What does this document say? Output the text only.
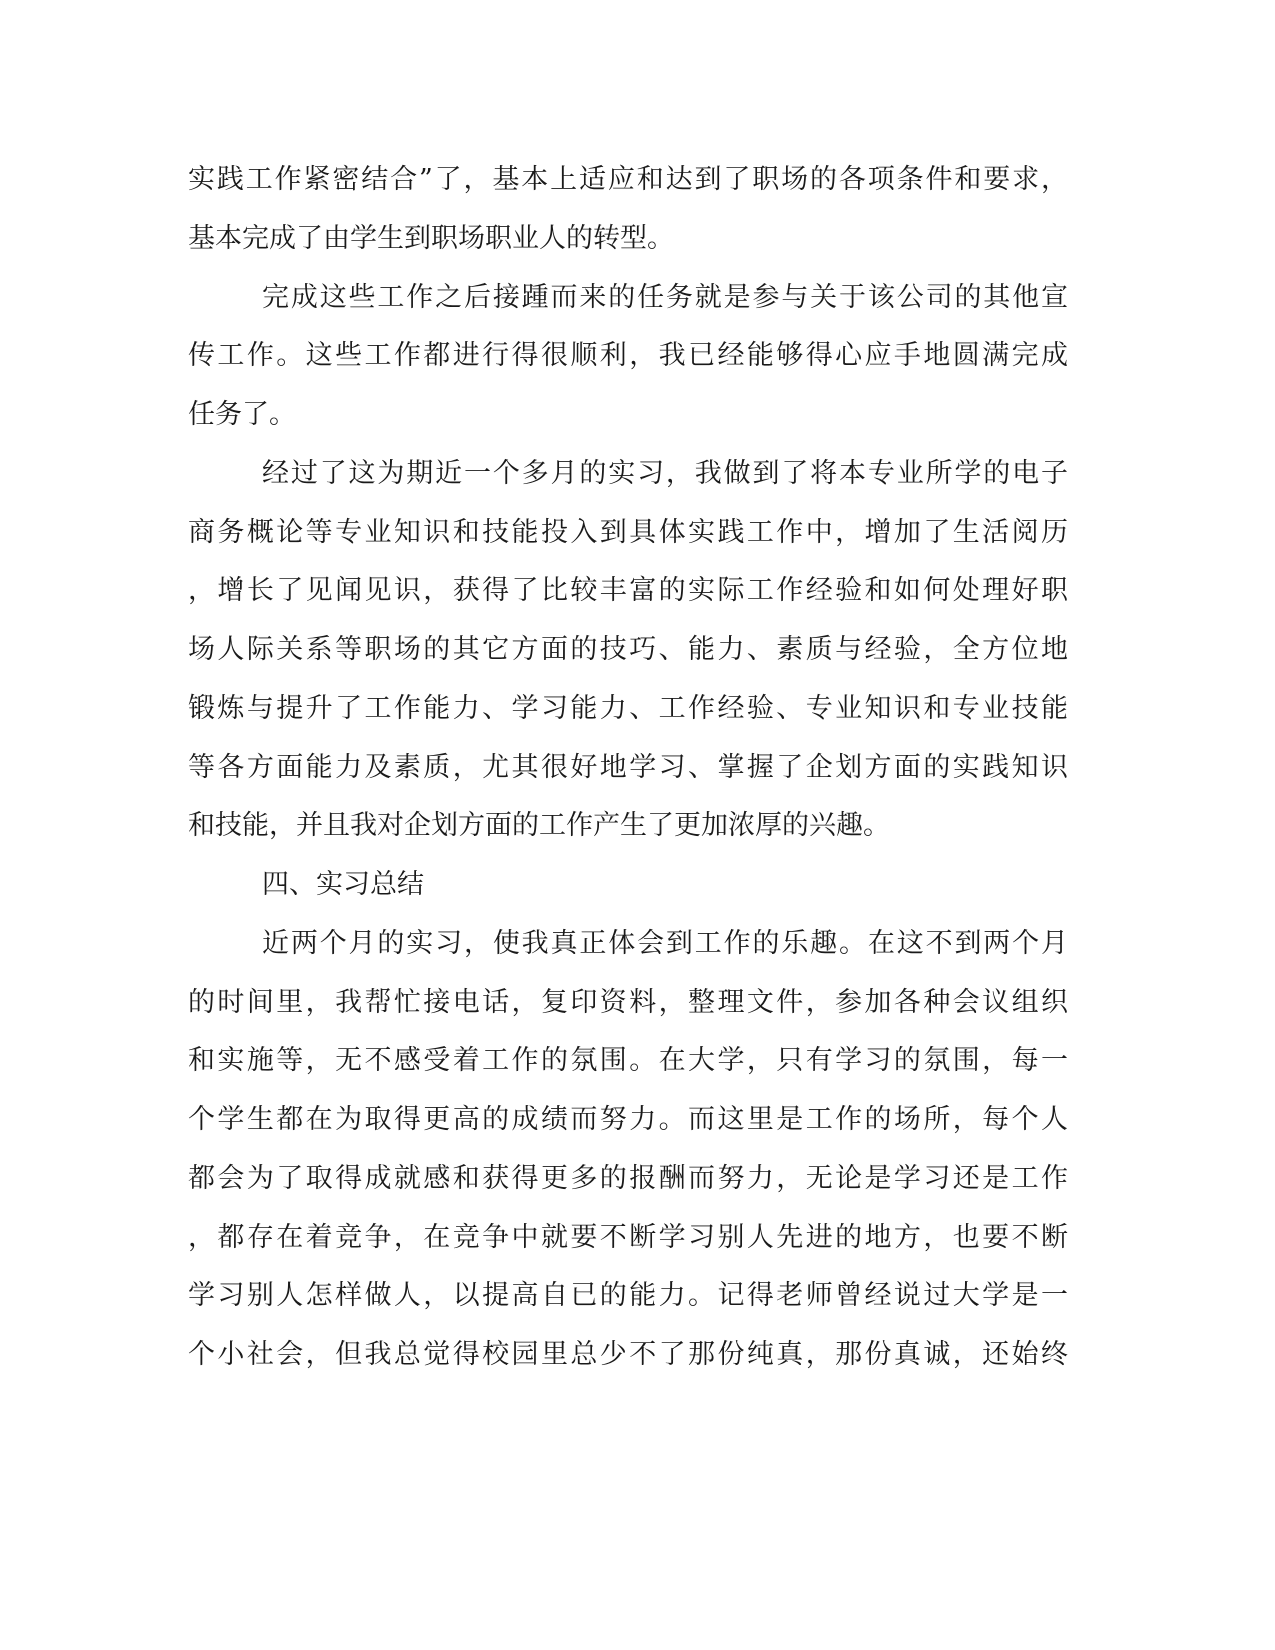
实践工作紧密结合”了，基本上适应和达到了职场的各项条件和要求，

基本完成了由学生到职场职业人的转型。

完成这些工作之后接踵而来的任务就是参与关于该公司的其他宣

传工作。这些工作都进行得很顺利，我已经能够得心应手地圆满完成

任务了。

经过了这为期近一个多月的实习，我做到了将本专业所学的电子

商务概论等专业知识和技能投入到具体实践工作中，增加了生活阅历

，增长了见闻见识，获得了比较丰富的实际工作经验和如何处理好职

场人际关系等职场的其它方面的技巧、能力、素质与经验，全方位地

锻炼与提升了工作能力、学习能力、工作经验、专业知识和专业技能

等各方面能力及素质，尤其很好地学习、掌握了企划方面的实践知识

和技能，并且我对企划方面的工作产生了更加浓厚的兴趣。

四、实习总结

近两个月的实习，使我真正体会到工作的乐趣。在这不到两个月

的时间里，我帮忙接电话，复印资料，整理文件，参加各种会议组织

和实施等，无不感受着工作的氛围。在大学，只有学习的氛围，每一

个学生都在为取得更高的成绩而努力。而这里是工作的场所，每个人

都会为了取得成就感和获得更多的报酬而努力，无论是学习还是工作

，都存在着竞争，在竞争中就要不断学习别人先进的地方，也要不断

学习别人怎样做人，以提高自已的能力。记得老师曾经说过大学是一

个小社会，但我总觉得校园里总少不了那份纯真，那份真诚，还始终
